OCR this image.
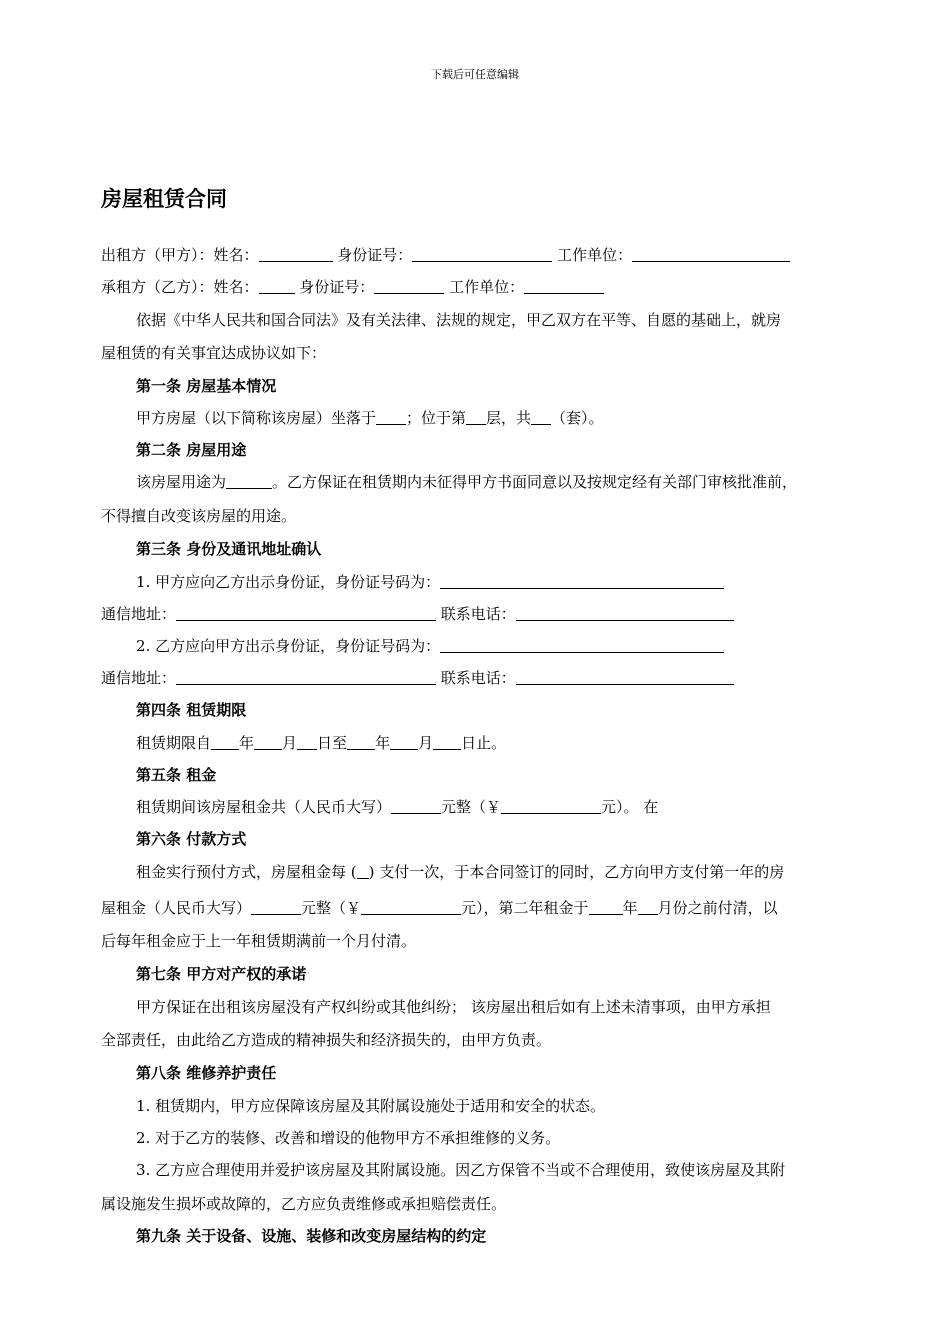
下载后可任意编辑
房屋租赁合同
出租方（甲方）：姓名：	身份证号：	工作单位：
承租方（乙方）：姓名：	身份证号：	工作单位：
依据《中华人民共和国合同法》及有关法律、法规的规定，甲乙双方在平等、自愿的基础上，就房
屋租赁的有关事宜达成协议如下：
第一条 房屋基本情况
甲方房屋（以下简称该房屋）坐落于 ；位于第 层，共 （套）。
第二条 房屋用途
该房屋用途为	。乙方保证在租赁期内未征得甲方书面同意以及按规定经有关部门审核批准前，
不得擅自改变该房屋的用途。
第三条 身份及通讯地址确认
1. 甲方应向乙方出示身份证，身份证号码为：
通信地址：	联系电话：
2. 乙方应向甲方出示身份证，身份证号码为：
通信地址：	联系电话：
第四条 租赁期限
租赁期限自 年 月 日至 年 月 日止。
第五条 租金
租赁期间该房屋租金共（人民币大写）	元整（￥	元）。 在
第六条 付款方式
租金实行预付方式，房屋租金每 ( ) 支付一次，于本合同签订的同时，乙方向甲方支付第一年的房
屋租金（人民币大写）	元整（￥	元），第二年租金于 年 月份之前付清，以
后每年租金应于上一年租赁期满前一个月付清。
第七条 甲方对产权的承诺
甲方保证在出租该房屋没有产权纠纷或其他纠纷； 该房屋出租后如有上述未清事项，由甲方承担
全部责任，由此给乙方造成的精神损失和经济损失的，由甲方负责。
第八条 维修养护责任
1. 租赁期内，甲方应保障该房屋及其附属设施处于适用和安全的状态。
2. 对于乙方的装修、改善和增设的他物甲方不承担维修的义务。
3. 乙方应合理使用并爱护该房屋及其附属设施。因乙方保管不当或不合理使用，致使该房屋及其附
属设施发生损坏或故障的，乙方应负责维修或承担赔偿责任。
第九条 关于设备、设施、装修和改变房屋结构的约定
